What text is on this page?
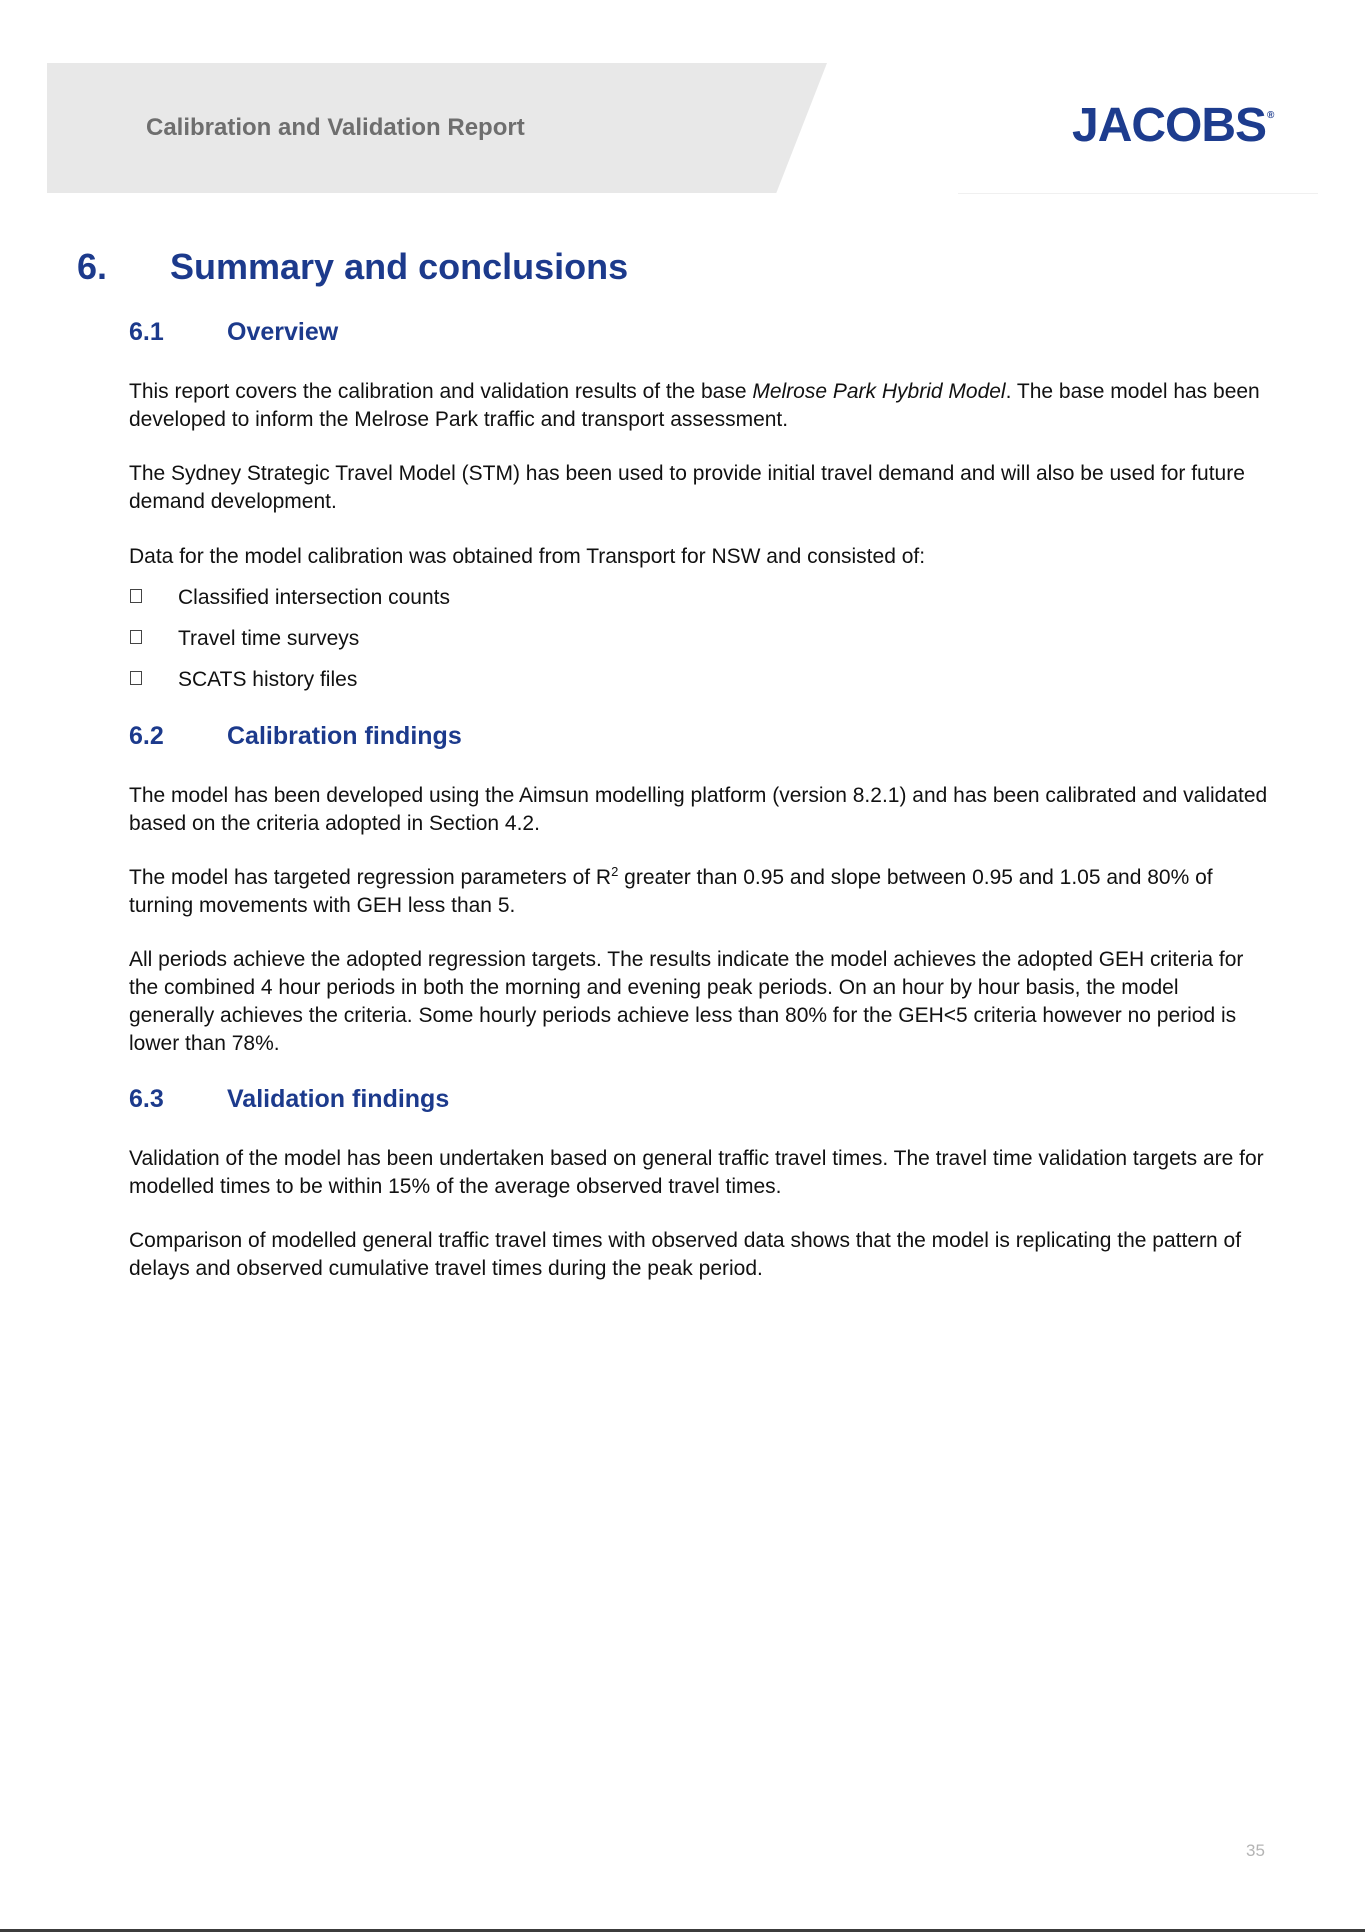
Calibration and Validation Report	JACOBS®
6. Summary and conclusions
6.1	Overview
This report covers the calibration and validation results of the base Melrose Park Hybrid Model. The base model has been developed to inform the Melrose Park traffic and transport assessment.
The Sydney Strategic Travel Model (STM) has been used to provide initial travel demand and will also be used for future demand development.
Data for the model calibration was obtained from Transport for NSW and consisted of:
Classified intersection counts
Travel time surveys
SCATS history files
6.2	Calibration findings
The model has been developed using the Aimsun modelling platform (version 8.2.1) and has been calibrated and validated based on the criteria adopted in Section 4.2.
The model has targeted regression parameters of $R^2$ greater than 0.95 and slope between 0.95 and 1.05 and 80% of turning movements with GEH less than 5.
All periods achieve the adopted regression targets. The results indicate the model achieves the adopted GEH criteria for the combined 4 hour periods in both the morning and evening peak periods. On an hour by hour basis, the model generally achieves the criteria. Some hourly periods achieve less than 80% for the GEH<5 criteria however no period is lower than 78%.
6.3	Validation findings
Validation of the model has been undertaken based on general traffic travel times. The travel time validation targets are for modelled times to be within 15% of the average observed travel times.
Comparison of modelled general traffic travel times with observed data shows that the model is replicating the pattern of delays and observed cumulative travel times during the peak period.
35
